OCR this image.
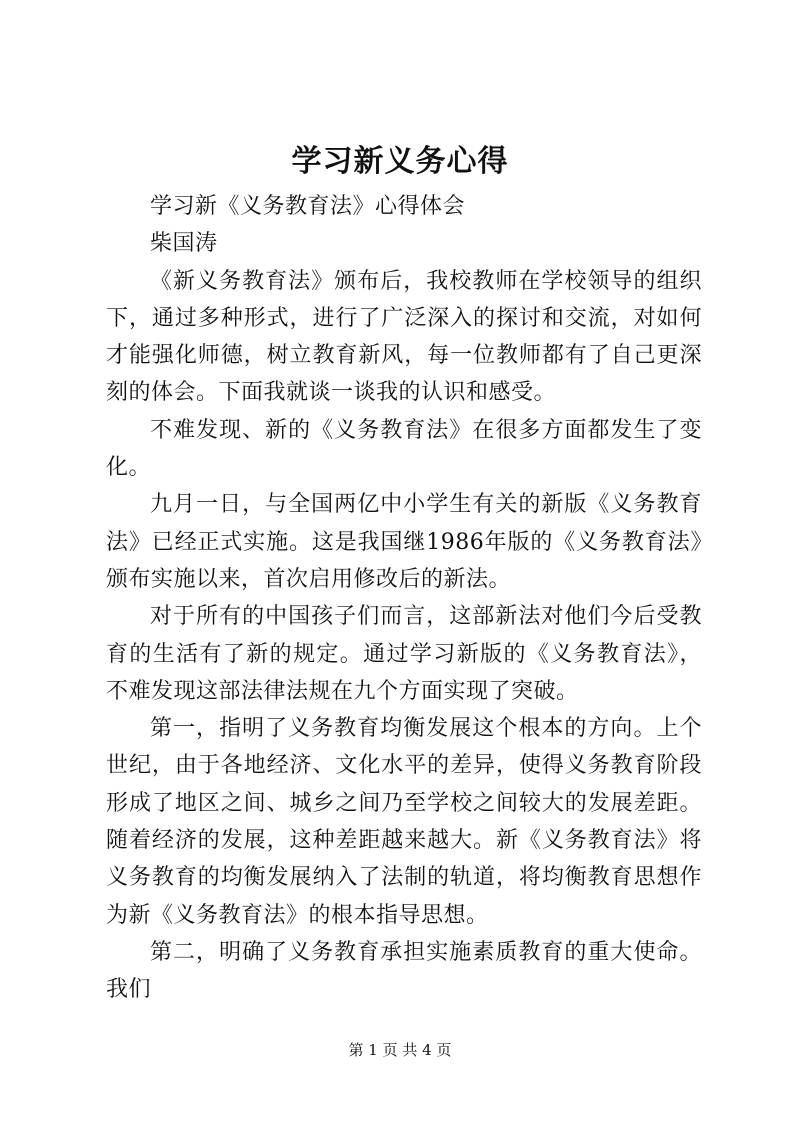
学习新义务心得

学习新《义务教育法》心得体会

柴国涛

《新义务教育法》颁布后，我校教师在学校领导的组织下，通过多种形式，进行了广泛深入的探讨和交流，对如何才能强化师德，树立教育新风，每一位教师都有了自己更深刻的体会。下面我就谈一谈我的认识和感受。

不难发现、新的《义务教育法》在很多方面都发生了变化。

九月一日，与全国两亿中小学生有关的新版《义务教育法》已经正式实施。这是我国继1986年版的《义务教育法》颁布实施以来，首次启用修改后的新法。

对于所有的中国孩子们而言，这部新法对他们今后受教育的生活有了新的规定。通过学习新版的《义务教育法》，不难发现这部法律法规在九个方面实现了突破。

第一，指明了义务教育均衡发展这个根本的方向。上个世纪，由于各地经济、文化水平的差异，使得义务教育阶段形成了地区之间、城乡之间乃至学校之间较大的发展差距。随着经济的发展，这种差距越来越大。新《义务教育法》将义务教育的均衡发展纳入了法制的轨道，将均衡教育思想作为新《义务教育法》的根本指导思想。

第二，明确了义务教育承担实施素质教育的重大使命。我们

第 1 页 共 4 页
